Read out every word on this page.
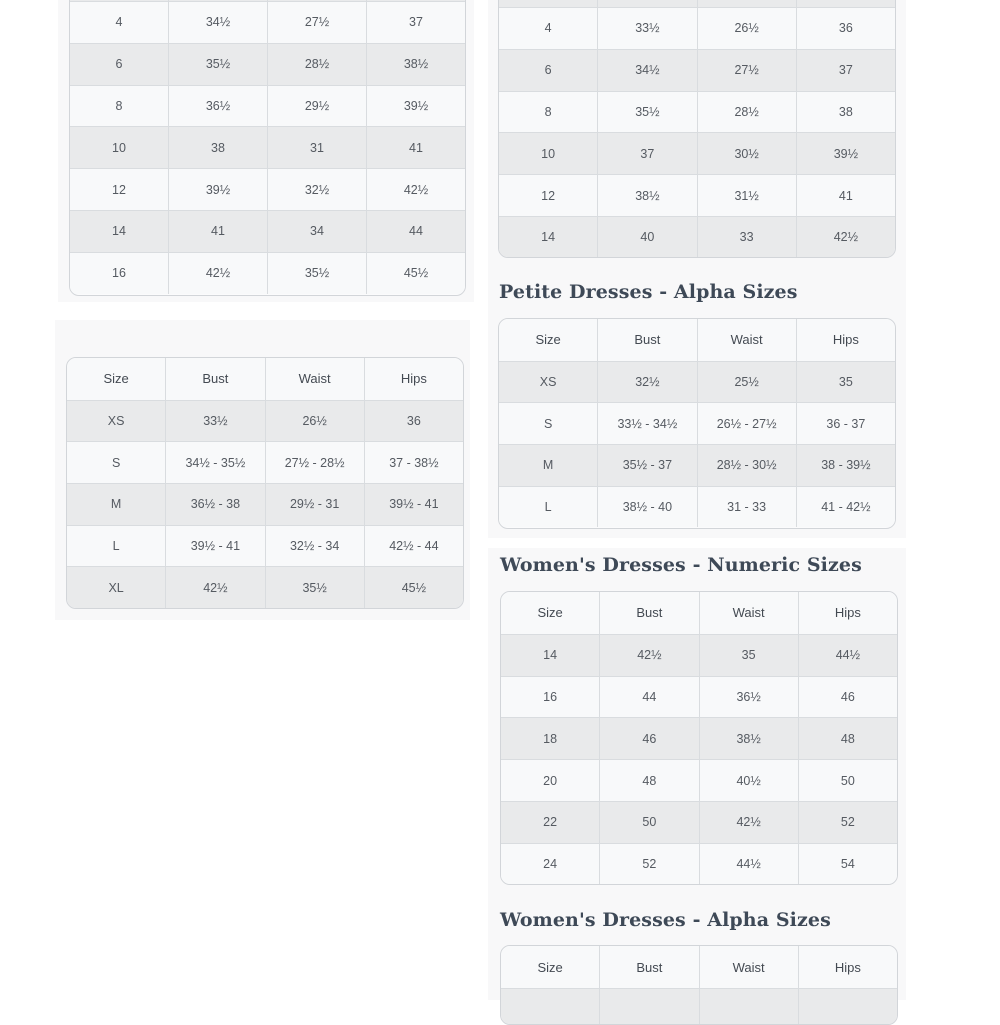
Petite Dresses - Alpha Sizes
Women's Dresses - Numeric Sizes
Women's Dresses - Alpha Sizes
4	34½	27½	37
6	35½	28½	38½
8	36½	29½	39½
10	38	31	41
12	39½	32½	42½
14	41	34	44
16	42½	35½	45½
Size	Bust	Waist	Hips
XS	33½	26½	36
S	34½ - 35½	27½ - 28½	37 - 38½
M	36½ - 38	29½ - 31	39½ - 41
L	39½ - 41	32½ - 34	42½ - 44
XL	42½	35½	45½
4	33½	26½	36
6	34½	27½	37
8	35½	28½	38
10	37	30½	39½
12	38½	31½	41
14	40	33	42½
Size	Bust	Waist	Hips
XS	32½	25½	35
S	33½ - 34½	26½ - 27½	36 - 37
M	35½ - 37	28½ - 30½	38 - 39½
L	38½ - 40	31 - 33	41 - 42½
Size	Bust	Waist	Hips
14	42½	35	44½
16	44	36½	46
18	46	38½	48
20	48	40½	50
22	50	42½	52
24	52	44½	54
Size	Bust	Waist	Hips
